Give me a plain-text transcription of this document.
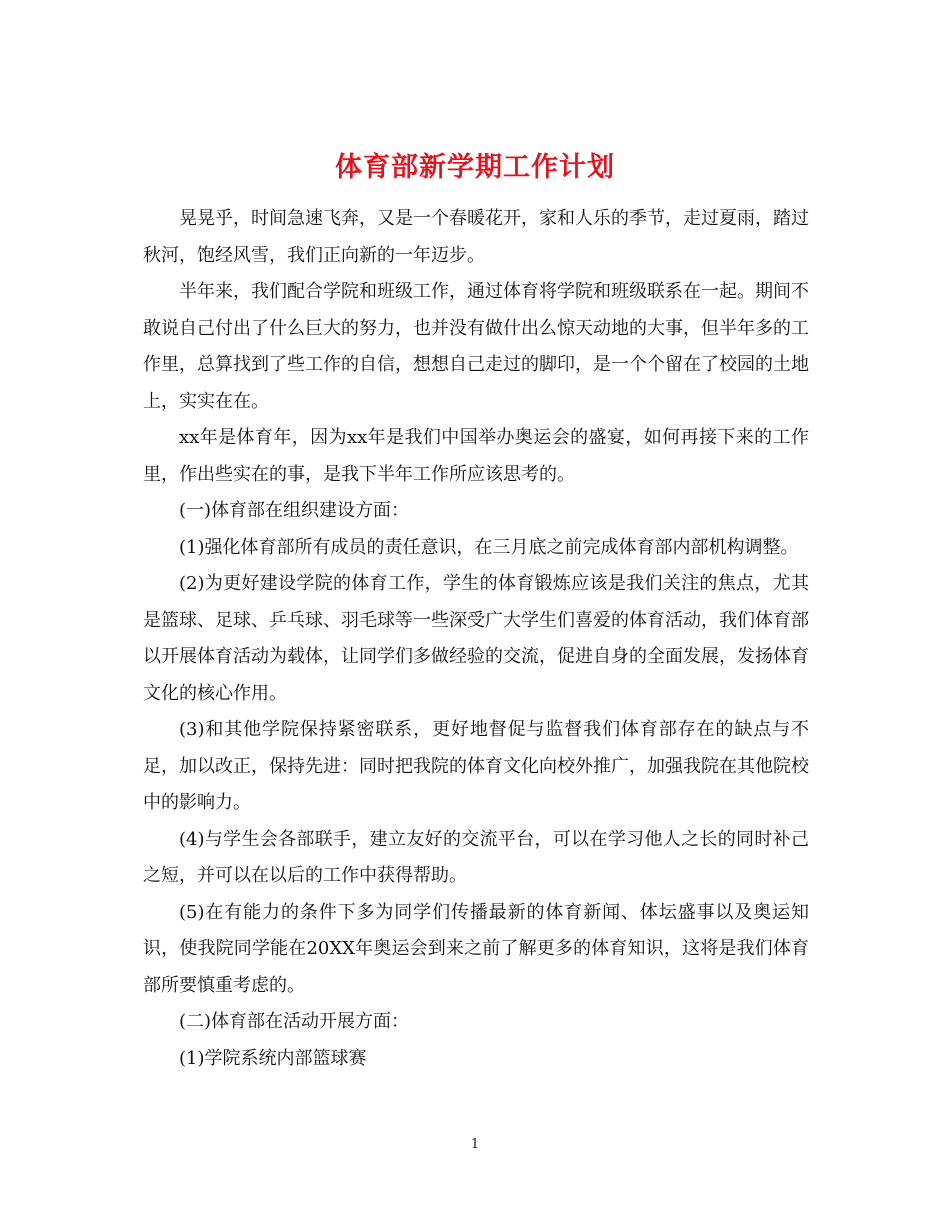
体育部新学期工作计划

晃晃乎，时间急速飞奔，又是一个春暖花开，家和人乐的季节，走过夏雨，踏过秋河，饱经风雪，我们正向新的一年迈步。

半年来，我们配合学院和班级工作，通过体育将学院和班级联系在一起。期间不敢说自己付出了什么巨大的努力，也并没有做什出么惊天动地的大事，但半年多的工作里，总算找到了些工作的自信，想想自己走过的脚印，是一个个留在了校园的土地上，实实在在。

xx年是体育年，因为xx年是我们中国举办奥运会的盛宴，如何再接下来的工作里，作出些实在的事，是我下半年工作所应该思考的。

(一)体育部在组织建设方面：

(1)强化体育部所有成员的责任意识，在三月底之前完成体育部内部机构调整。

(2)为更好建设学院的体育工作，学生的体育锻炼应该是我们关注的焦点，尤其是篮球、足球、乒乓球、羽毛球等一些深受广大学生们喜爱的体育活动，我们体育部以开展体育活动为载体，让同学们多做经验的交流，促进自身的全面发展，发扬体育文化的核心作用。

(3)和其他学院保持紧密联系，更好地督促与监督我们体育部存在的缺点与不足，加以改正，保持先进：同时把我院的体育文化向校外推广，加强我院在其他院校中的影响力。

(4)与学生会各部联手，建立友好的交流平台，可以在学习他人之长的同时补己之短，并可以在以后的工作中获得帮助。

(5)在有能力的条件下多为同学们传播最新的体育新闻、体坛盛事以及奥运知识，使我院同学能在20XX年奥运会到来之前了解更多的体育知识，这将是我们体育部所要慎重考虑的。

(二)体育部在活动开展方面：

(1)学院系统内部篮球赛

1
